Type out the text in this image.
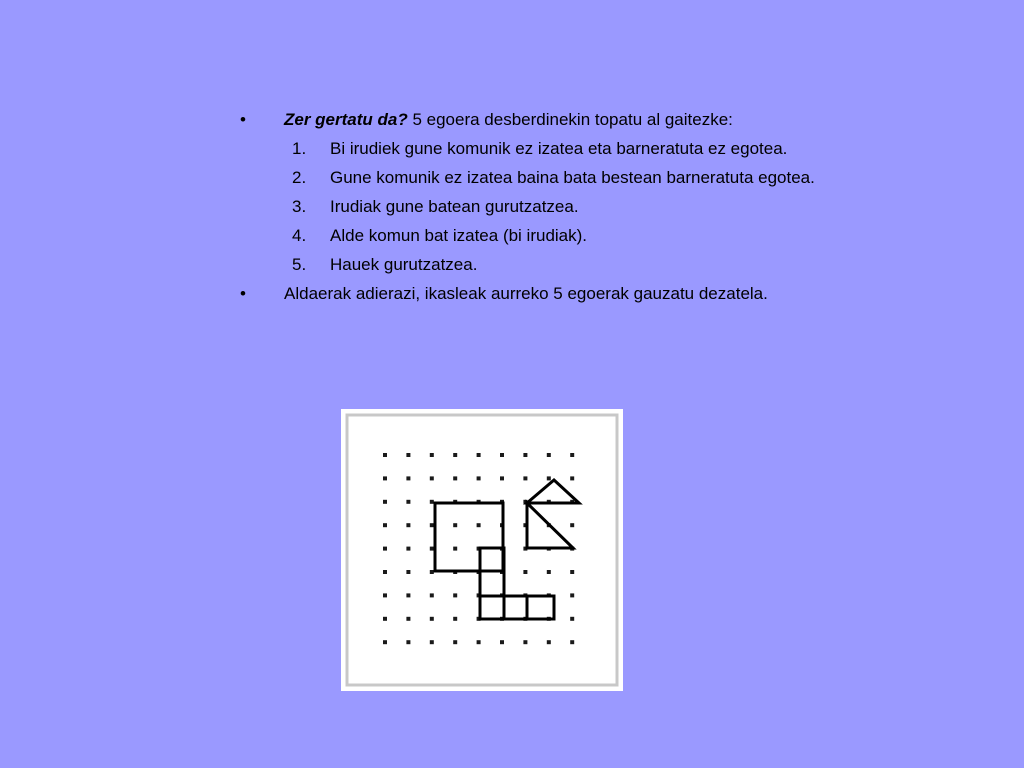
• Zer gertatu da? 5 egoera desberdinekin topatu al gaitezke:
1. Bi irudiek gune komunik ez izatea eta barneratuta ez egotea.
2. Gune komunik ez izatea baina bata bestean barneratuta egotea.
3. Irudiak gune batean gurutzatzea.
4. Alde komun bat izatea (bi irudiak).
5. Hauek gurutzatzea.
• Aldaerak adierazi, ikasleak aurreko 5 egoerak gauzatu dezatela.
